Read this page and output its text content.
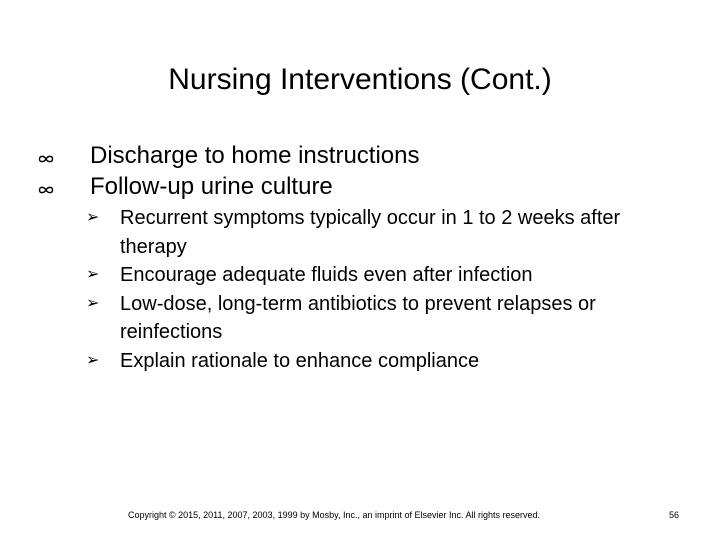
Nursing Interventions (Cont.)
Discharge to home instructions
Follow-up urine culture
➢ Recurrent symptoms typically occur in 1 to 2 weeks after therapy
➢ Encourage adequate fluids even after infection
➢ Low-dose, long-term antibiotics to prevent relapses or reinfections
➢ Explain rationale to enhance compliance
Copyright © 2015, 2011, 2007, 2003, 1999 by Mosby, Inc., an imprint of Elsevier Inc. All rights reserved.	56
